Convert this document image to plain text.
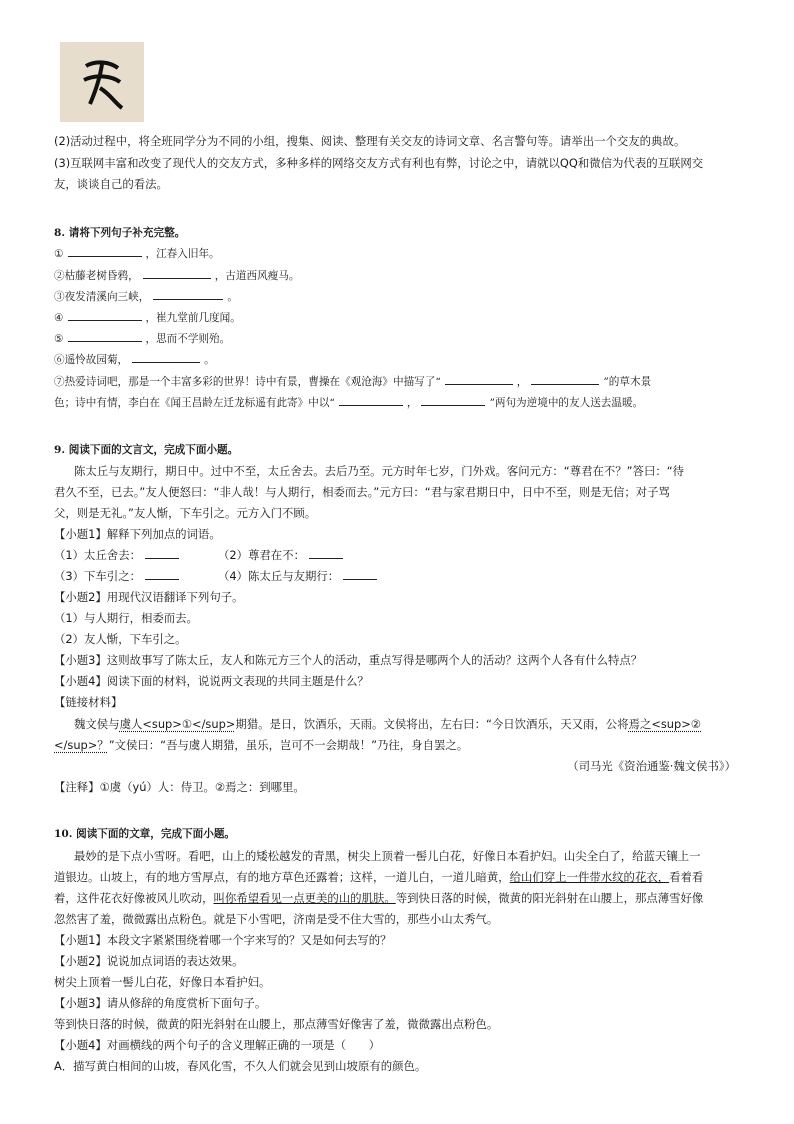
(2)活动过程中，将全班同学分为不同的小组，搜集、阅读、整理有关交友的诗词文章、名言警句等。请举出一个交友的典故。
(3)互联网丰富和改变了现代人的交友方式，多种多样的网络交友方式有利也有弊，讨论之中，请就以QQ和微信为代表的互联网交
友，谈谈自己的看法。
8. 请将下列句子补充完整。
①	，江春入旧年。
②枯藤老树昏鸦，	，古道西风瘦马。
③夜发清溪向三峡，	。
④	，崔九堂前几度闻。
⑤	，思而不学则殆。
⑥遥怜故园菊，	。
⑦热爱诗词吧，那是一个丰富多彩的世界！诗中有景，曹操在《观沧海》中描写了“	，	”的草木景
色；诗中有情，李白在《闻王昌龄左迁龙标遥有此寄》中以“	，	”两句为逆境中的友人送去温暖。
9. 阅读下面的文言文，完成下面小题。
陈太丘与友期行，期日中。过中不至，太丘舍去。去后乃至。元方时年七岁，门外戏。客问元方：“尊君在不？”答曰：“待
君久不至，已去。”友人便怒曰：“非人哉！与人期行，相委而去。”元方曰：“君与家君期日中，日中不至，则是无信；对子骂
父，则是无礼。”友人惭，下车引之。元方入门不顾。
【小题1】解释下列加点的词语。
（1）太丘舍去：	（2）尊君在不：
（3）下车引之：	（4）陈太丘与友期行：
【小题2】用现代汉语翻译下列句子。
（1）与人期行，相委而去。
（2）友人惭，下车引之。
【小题3】这则故事写了陈太丘，友人和陈元方三个人的活动，重点写得是哪两个人的活动？这两个人各有什么特点？
【小题4】阅读下面的材料，说说两文表现的共同主题是什么？
【链接材料】
魏文侯与虞人<sup>①</sup>期猎。是日，饮酒乐，天雨。文侯将出，左右曰：“今日饮酒乐，天又雨，公将焉之<sup>②
</sup>？”文侯曰：“吾与虞人期猎，虽乐，岂可不一会期哉！”乃往，身自罢之。
（司马光《资治通鉴·魏文侯书》）
【注释】①虞（yú）人：侍卫。②焉之：到哪里。
10. 阅读下面的文章，完成下面小题。
最妙的是下点小雪呀。看吧，山上的矮松越发的青黑，树尖上顶着一髻儿白花，好像日本看护妇。山尖全白了，给蓝天镶上一
道银边。山坡上，有的地方雪厚点，有的地方草色还露着；这样，一道儿白，一道儿暗黄，给山们穿上一件带水纹的花衣，看着看
着，这件花衣好像被风儿吹动，叫你希望看见一点更美的山的肌肤。等到快日落的时候，微黄的阳光斜射在山腰上，那点薄雪好像
忽然害了羞，微微露出点粉色。就是下小雪吧，济南是受不住大雪的，那些小山太秀气。
【小题1】本段文字紧紧围绕着哪一个字来写的？又是如何去写的？
【小题2】说说加点词语的表达效果。
树尖上顶着一髻儿白花，好像日本看护妇。
【小题3】请从修辞的角度赏析下面句子。
等到快日落的时候，微黄的阳光斜射在山腰上，那点薄雪好像害了羞，微微露出点粉色。
【小题4】对画横线的两个句子的含义理解正确的一项是（　　）
A．描写黄白相间的山坡，春风化雪，不久人们就会见到山坡原有的颜色。
